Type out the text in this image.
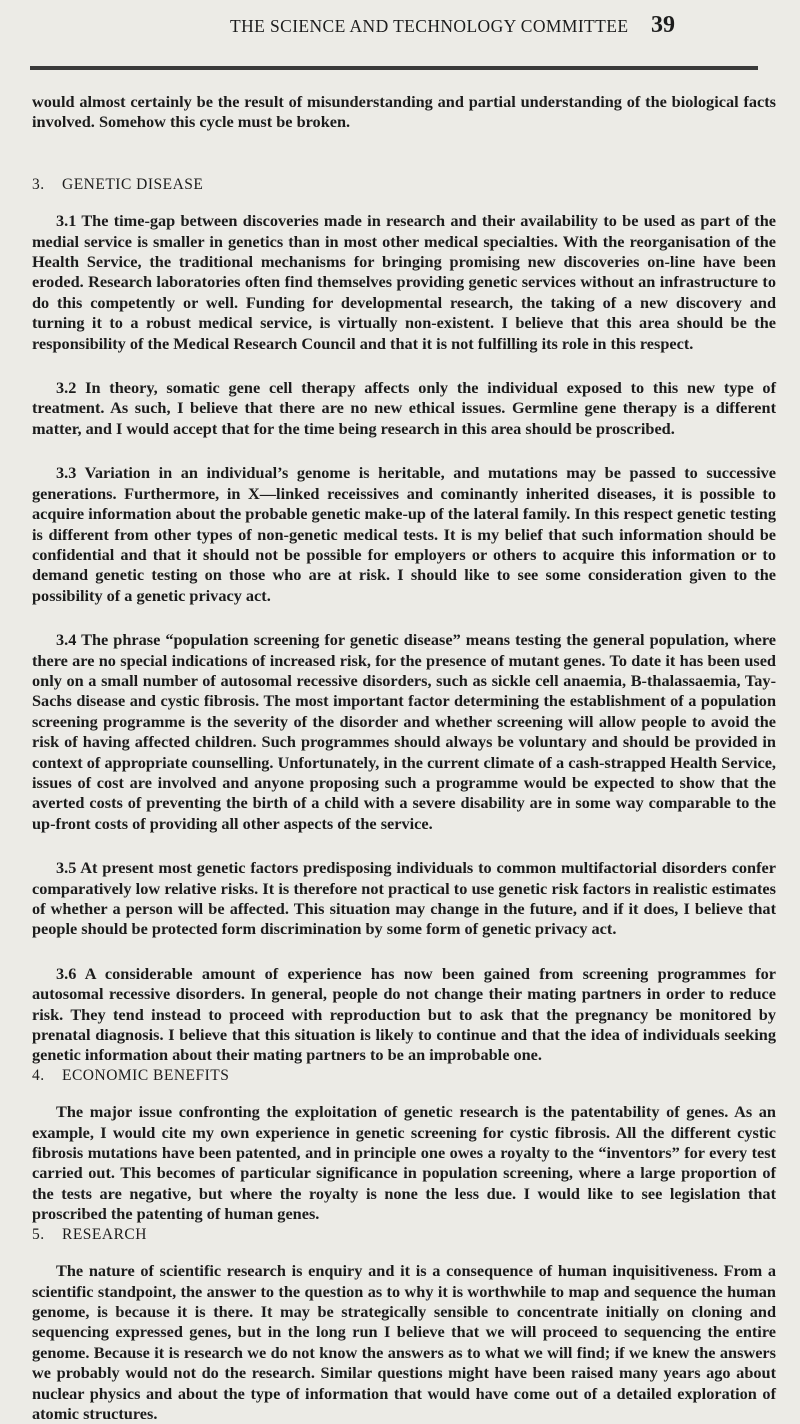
THE SCIENCE AND TECHNOLOGY COMMITTEE 39

would almost certainly be the result of misunderstanding and partial understanding of the biological facts involved. Somehow this cycle must be broken.

3. GENETIC DISEASE

3.1 The time-gap between discoveries made in research and their availability to be used as part of the medial service is smaller in genetics than in most other medical specialties. With the reorganisation of the Health Service, the traditional mechanisms for bringing promising new discoveries on-line have been eroded. Research laboratories often find themselves providing genetic services without an infrastructure to do this competently or well. Funding for developmental research, the taking of a new discovery and turning it to a robust medical service, is virtually non-existent. I believe that this area should be the responsibility of the Medical Research Council and that it is not fulfilling its role in this respect.

3.2 In theory, somatic gene cell therapy affects only the individual exposed to this new type of treatment. As such, I believe that there are no new ethical issues. Germline gene therapy is a different matter, and I would accept that for the time being research in this area should be proscribed.

3.3 Variation in an individual’s genome is heritable, and mutations may be passed to successive generations. Furthermore, in X—linked receissives and cominantly inherited diseases, it is possible to acquire information about the probable genetic make-up of the lateral family. In this respect genetic testing is different from other types of non-genetic medical tests. It is my belief that such information should be confidential and that it should not be possible for employers or others to acquire this information or to demand genetic testing on those who are at risk. I should like to see some consideration given to the possibility of a genetic privacy act.

3.4 The phrase “population screening for genetic disease” means testing the general population, where there are no special indications of increased risk, for the presence of mutant genes. To date it has been used only on a small number of autosomal recessive disorders, such as sickle cell anaemia, B-thalassaemia, Tay-Sachs disease and cystic fibrosis. The most important factor determining the establishment of a population screening programme is the severity of the disorder and whether screening will allow people to avoid the risk of having affected children. Such programmes should always be voluntary and should be provided in context of appropriate counselling. Unfortunately, in the current climate of a cash-strapped Health Service, issues of cost are involved and anyone proposing such a programme would be expected to show that the averted costs of preventing the birth of a child with a severe disability are in some way comparable to the up-front costs of providing all other aspects of the service.

3.5 At present most genetic factors predisposing individuals to common multifactorial disorders confer comparatively low relative risks. It is therefore not practical to use genetic risk factors in realistic estimates of whether a person will be affected. This situation may change in the future, and if it does, I believe that people should be protected form discrimination by some form of genetic privacy act.

3.6 A considerable amount of experience has now been gained from screening programmes for autosomal recessive disorders. In general, people do not change their mating partners in order to reduce risk. They tend instead to proceed with reproduction but to ask that the pregnancy be monitored by prenatal diagnosis. I believe that this situation is likely to continue and that the idea of individuals seeking genetic information about their mating partners to be an improbable one.

4. ECONOMIC BENEFITS

The major issue confronting the exploitation of genetic research is the patentability of genes. As an example, I would cite my own experience in genetic screening for cystic fibrosis. All the different cystic fibrosis mutations have been patented, and in principle one owes a royalty to the “inventors” for every test carried out. This becomes of particular significance in population screening, where a large proportion of the tests are negative, but where the royalty is none the less due. I would like to see legislation that proscribed the patenting of human genes.

5. RESEARCH

The nature of scientific research is enquiry and it is a consequence of human inquisitiveness. From a scientific standpoint, the answer to the question as to why it is worthwhile to map and sequence the human genome, is because it is there. It may be strategically sensible to concentrate initially on cloning and sequencing expressed genes, but in the long run I believe that we will proceed to sequencing the entire genome. Because it is research we do not know the answers as to what we will find; if we knew the answers we probably would not do the research. Similar questions might have been raised many years ago about nuclear physics and about the type of information that would have come out of a detailed exploration of atomic structures.
